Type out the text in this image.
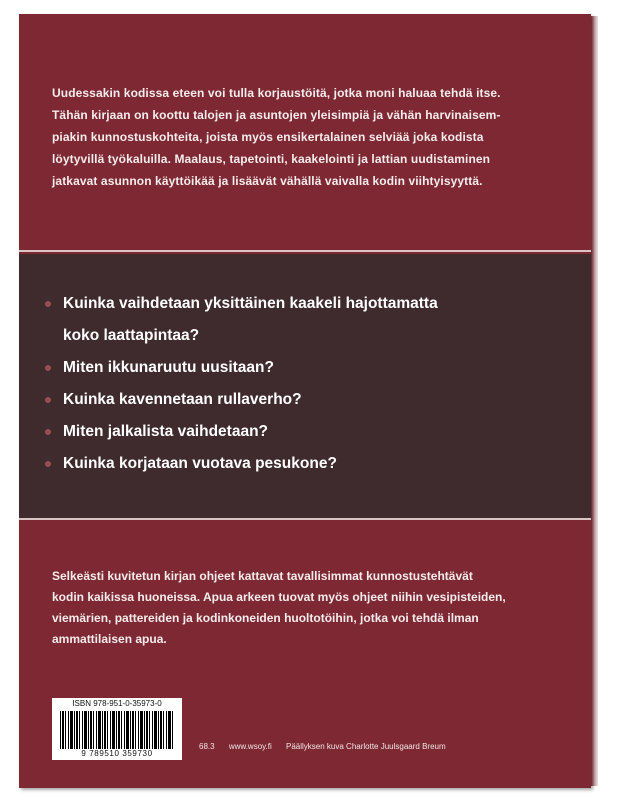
Uudessakin kodissa eteen voi tulla korjaustöitä, jotka moni haluaa tehdä itse.
Tähän kirjaan on koottu talojen ja asuntojen yleisimpiä ja vähän harvinaisem-
piakin kunnostuskohteita, joista myös ensikertalainen selviää joka kodista
löytyvillä työkaluilla. Maalaus, tapetointi, kaakelointi ja lattian uudistaminen
jatkavat asunnon käyttöikää ja lisäävät vähällä vaivalla kodin viihtyisyyttä.
Kuinka vaihdetaan yksittäinen kaakeli hajottamatta
koko laattapintaa?
Miten ikkunaruutu uusitaan?
Kuinka kavennetaan rullaverho?
Miten jalkalista vaihdetaan?
Kuinka korjataan vuotava pesukone?
Selkeästi kuvitetun kirjan ohjeet kattavat tavallisimmat kunnostustehtävät
kodin kaikissa huoneissa. Apua arkeen tuovat myös ohjeet niihin vesipisteiden,
viemärien, pattereiden ja kodinkoneiden huoltotöihin, jotka voi tehdä ilman
ammattilaisen apua.
ISBN 978-951-0-35973-0
9 789510 359730
68.3 www.wsoy.fi Päällyksen kuva Charlotte Juulsgaard Breum
